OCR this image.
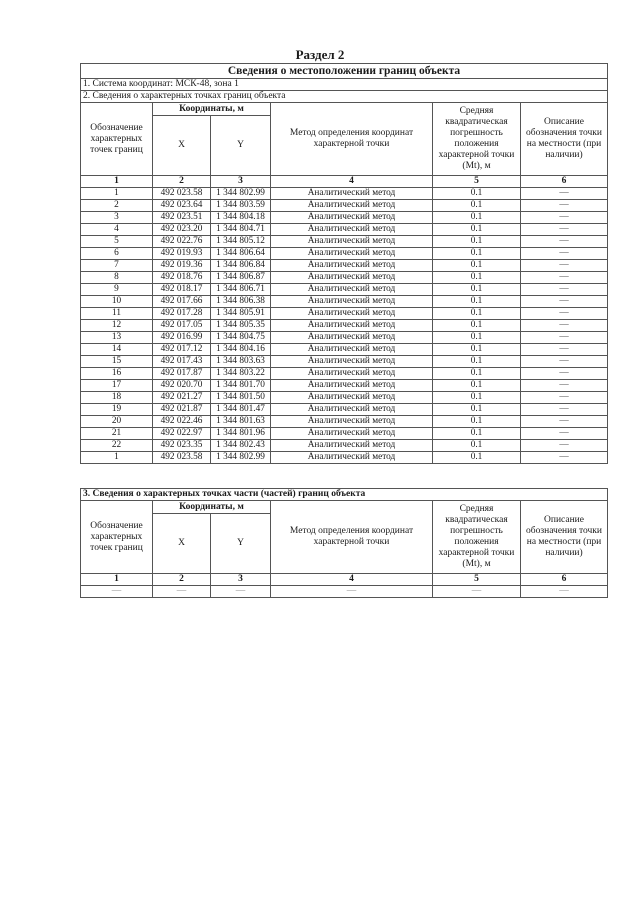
Раздел 2
Сведения о местоположении границ объекта					
1. Система координат: МСК-48, зона 1					
2. Сведения о характерных точках границ объекта					
Обозначение характерных точек границ	Координаты, м		Метод определения координат характерной точки	Средняя квадратическая погрешность положения характерной точки (Mt), м	Описание обозначения точки на местности (при наличии)
	X	Y			
1	2	3	4	5	6
1	492 023.58	1 344 802.99	Аналитический метод	0.1	—
2	492 023.64	1 344 803.59	Аналитический метод	0.1	—
3	492 023.51	1 344 804.18	Аналитический метод	0.1	—
4	492 023.20	1 344 804.71	Аналитический метод	0.1	—
5	492 022.76	1 344 805.12	Аналитический метод	0.1	—
6	492 019.93	1 344 806.64	Аналитический метод	0.1	—
7	492 019.36	1 344 806.84	Аналитический метод	0.1	—
8	492 018.76	1 344 806.87	Аналитический метод	0.1	—
9	492 018.17	1 344 806.71	Аналитический метод	0.1	—
10	492 017.66	1 344 806.38	Аналитический метод	0.1	—
11	492 017.28	1 344 805.91	Аналитический метод	0.1	—
12	492 017.05	1 344 805.35	Аналитический метод	0.1	—
13	492 016.99	1 344 804.75	Аналитический метод	0.1	—
14	492 017.12	1 344 804.16	Аналитический метод	0.1	—
15	492 017.43	1 344 803.63	Аналитический метод	0.1	—
16	492 017.87	1 344 803.22	Аналитический метод	0.1	—
17	492 020.70	1 344 801.70	Аналитический метод	0.1	—
18	492 021.27	1 344 801.50	Аналитический метод	0.1	—
19	492 021.87	1 344 801.47	Аналитический метод	0.1	—
20	492 022.46	1 344 801.63	Аналитический метод	0.1	—
21	492 022.97	1 344 801.96	Аналитический метод	0.1	—
22	492 023.35	1 344 802.43	Аналитический метод	0.1	—
1	492 023.58	1 344 802.99	Аналитический метод	0.1	—
3. Сведения о характерных точках части (частей) границ объекта					
Обозначение характерных точек границ	Координаты, м		Метод определения координат характерной точки	Средняя квадратическая погрешность положения характерной точки (Mt), м	Описание обозначения точки на местности (при наличии)
	X	Y			
1	2	3	4	5	6
—	—	—	—	—	—
